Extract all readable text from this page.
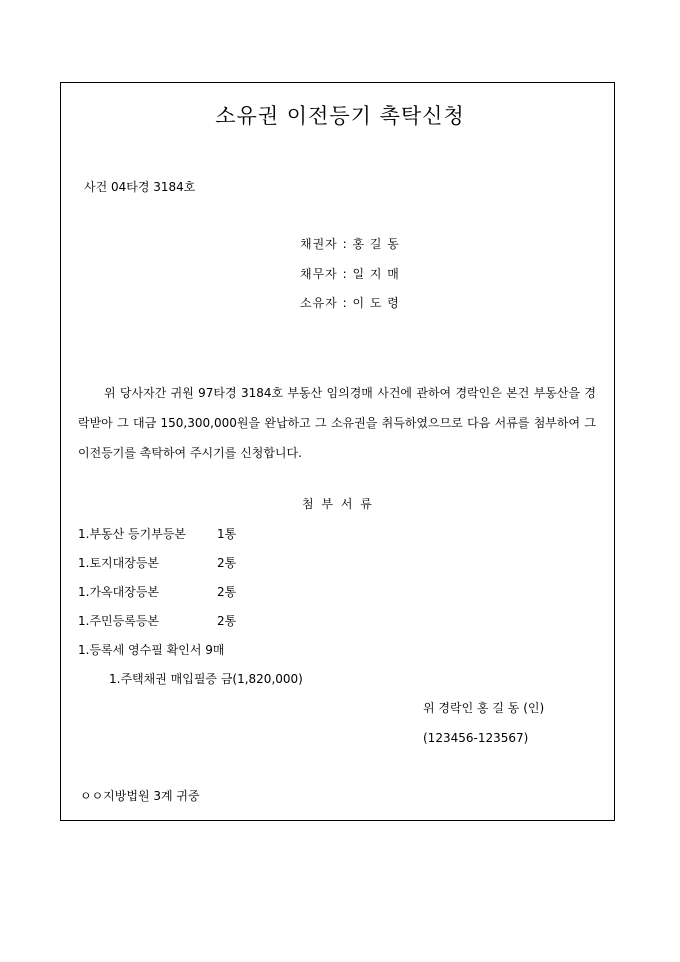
소유권 이전등기 촉탁신청
사건 04타경 3184호
채권자 : 홍 길 동
채무자 : 일 지 매
소유자 : 이 도 령
위 당사자간 귀원 97타경 3184호 부동산 임의경매 사건에 관하여 경락인은 본건 부동산을 경락받아 그 대금 150,300,000원을 완납하고 그 소유권을 취득하였으므로 다음 서류를 첨부하여 그 이전등기를 촉탁하여 주시기를 신청합니다.
첨 부 서 류
1.부동산 등기부등본	1통
1.토지대장등본	2통
1.가옥대장등본	2통
1.주민등록등본	2통
1.등록세 영수필 확인서 9매
1.주택채권 매입필증 금(1,820,000)
위 경락인 홍 길 동 (인)
(123456-123567)
ㅇㅇ지방법원 3계 귀중
